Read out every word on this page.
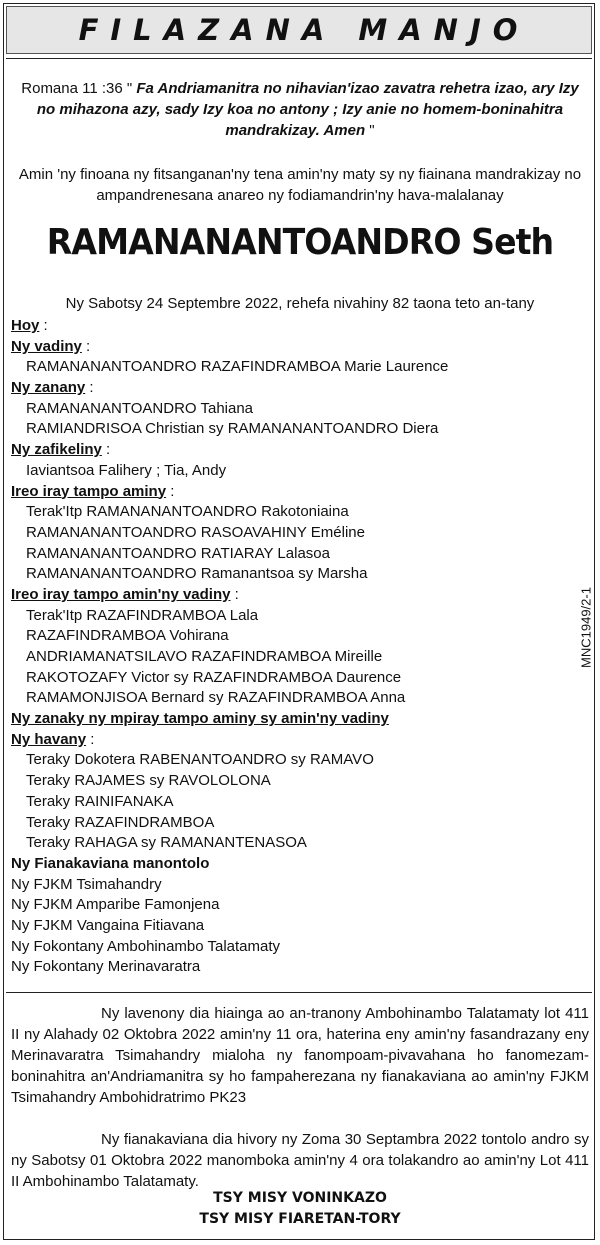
FILAZANA MANJO
Romana 11 :36 " Fa Andriamanitra no nihavian'izao zavatra rehetra izao, ary Izy no mihazona azy, sady Izy koa no antony ; Izy anie no homem-boninahitra mandrakizay. Amen "
Amin 'ny finoana ny fitsanganan'ny tena amin'ny maty sy ny fiainana mandrakizay no ampandrenesana anareo ny fodiamandrin'ny hava-malalanay
RAMANANANTOANDRO Seth
Ny Sabotsy 24 Septembre 2022, rehefa nivahiny 82 taona teto an-tany
Hoy :
Ny vadiny :
RAMANANANTOANDRO RAZAFINDRAMBOA Marie Laurence
Ny zanany :
RAMANANANTOANDRO Tahiana
RAMIANDRISOA Christian sy RAMANANANTOANDRO Diera
Ny zafikeliny :
Iaviantsoa Falihery ; Tia, Andy
Ireo iray tampo aminy :
Terak'Itp RAMANANANTOANDRO Rakotoniaina
RAMANANANTOANDRO RASOAVAHINY Eméline
RAMANANANTOANDRO RATIARAY Lalasoa
RAMANANANTOANDRO Ramanantsoa sy Marsha
Ireo iray tampo amin'ny vadiny :
Terak'Itp RAZAFINDRAMBOA Lala
RAZAFINDRAMBOA Vohirana
ANDRIAMANATSILAVO RAZAFINDRAMBOA Mireille
RAKOTOZAFY Victor sy RAZAFINDRAMBOA Daurence
RAMAMONJISOA Bernard sy RAZAFINDRAMBOA Anna
Ny zanaky ny mpiray tampo aminy sy amin'ny vadiny
Ny havany :
Teraky Dokotera RABENANTOANDRO sy RAMAVO
Teraky RAJAMES sy RAVOLOLONA
Teraky RAINIFANAKA
Teraky RAZAFINDRAMBOA
Teraky RAHAGA sy RAMANANTENASOA
Ny Fianakaviana manontolo
Ny FJKM Tsimahandry
Ny FJKM Amparibe Famonjena
Ny FJKM Vangaina Fitiavana
Ny Fokontany Ambohinambo Talatamaty
Ny Fokontany Merinavaratra
MNC1949/2-1
Ny lavenony dia hiainga ao an-tranony Ambohinambo Talatamaty lot 411 II ny Alahady 02 Oktobra 2022 amin'ny 11 ora, haterina eny amin'ny fasandrazany eny Merinavaratra Tsimahandry mialoha ny fanompoam-pivavahana ho fanomezam-boninahitra an'Andriamanitra sy ho fampaherezana ny fianakaviana ao amin'ny FJKM Tsimahandry Ambohidratrimo PK23
Ny fianakaviana dia hivory ny Zoma 30 Septambra 2022 tontolo andro sy ny Sabotsy 01 Oktobra 2022 manomboka amin'ny 4 ora tolakandro ao amin'ny Lot 411 II Ambohinambo Talatamaty.
TSY MISY VONINKAZO
TSY MISY FIARETAN-TORY
